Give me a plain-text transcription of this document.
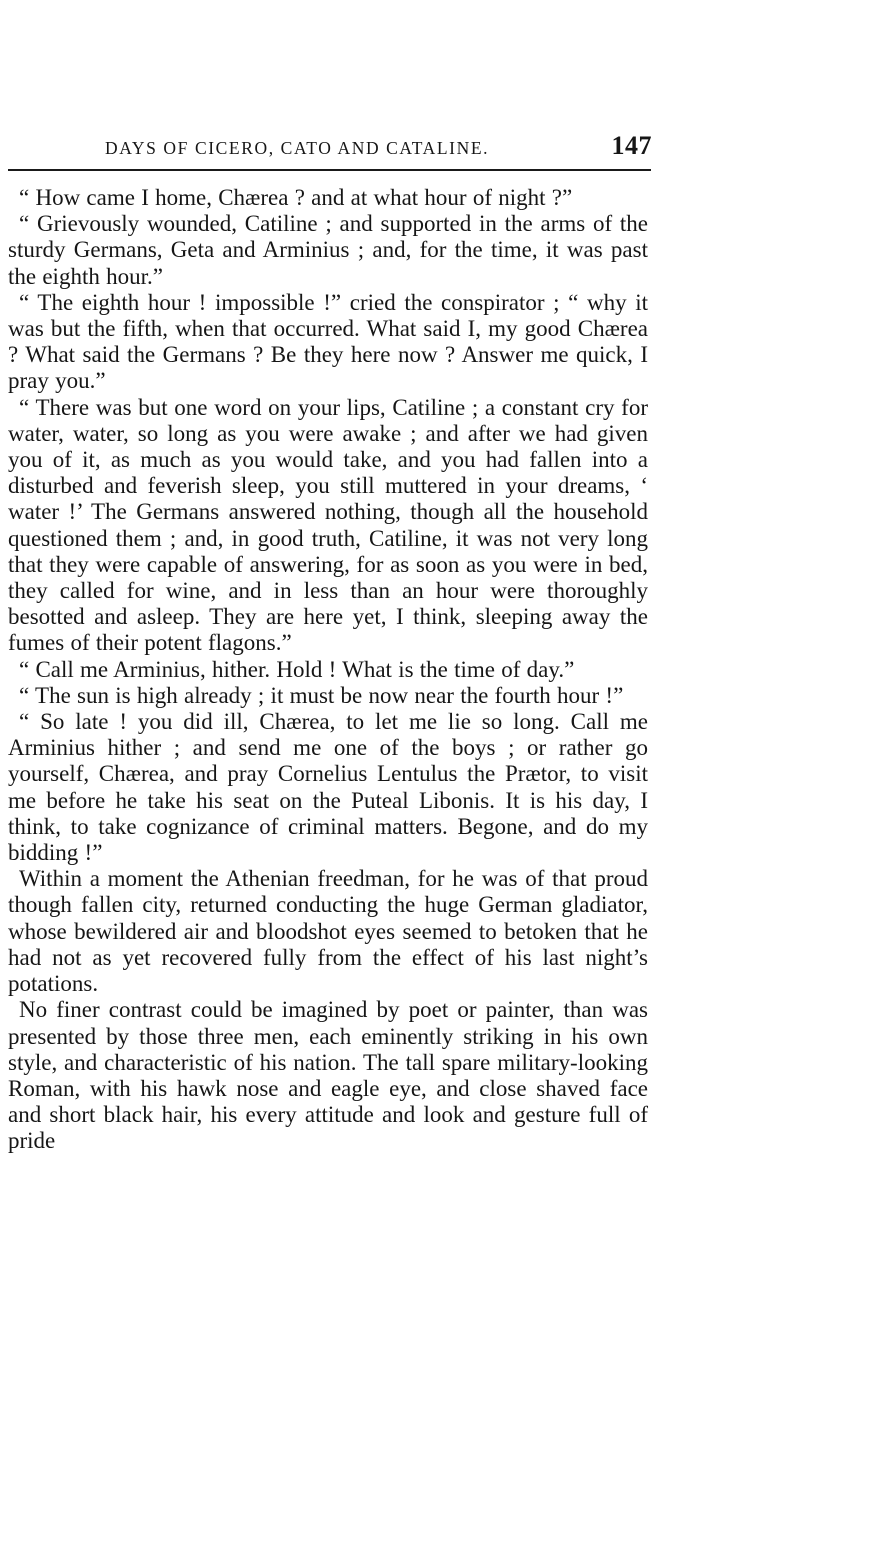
DAYS OF CICERO, CATO AND CATALINE.	147

“ How came I home, Chærea ? and at what hour of night ?”

“ Grievously wounded, Catiline ; and supported in the arms of the sturdy Germans, Geta and Arminius ; and, for the time, it was past the eighth hour.”

“ The eighth hour ! impossible !” cried the conspirator ; “ why it was but the fifth, when that occurred. What said I, my good Chærea ? What said the Germans ? Be they here now ? Answer me quick, I pray you.”

“ There was but one word on your lips, Catiline ; a constant cry for water, water, so long as you were awake ; and after we had given you of it, as much as you would take, and you had fallen into a disturbed and feverish sleep, you still muttered in your dreams, ‘ water !’ The Germans answered nothing, though all the household questioned them ; and, in good truth, Catiline, it was not very long that they were capable of answering, for as soon as you were in bed, they called for wine, and in less than an hour were thoroughly besotted and asleep. They are here yet, I think, sleeping away the fumes of their potent flagons.”

“ Call me Arminius, hither. Hold ! What is the time of day.”

“ The sun is high already ; it must be now near the fourth hour !”

“ So late ! you did ill, Chærea, to let me lie so long. Call me Arminius hither ; and send me one of the boys ; or rather go yourself, Chærea, and pray Cornelius Lentulus the Prætor, to visit me before he take his seat on the Puteal Libonis. It is his day, I think, to take cognizance of criminal matters. Begone, and do my bidding !”

Within a moment the Athenian freedman, for he was of that proud though fallen city, returned conducting the huge German gladiator, whose bewildered air and bloodshot eyes seemed to betoken that he had not as yet recovered fully from the effect of his last night’s potations.

No finer contrast could be imagined by poet or painter, than was presented by those three men, each eminently striking in his own style, and characteristic of his nation. The tall spare military-looking Roman, with his hawk nose and eagle eye, and close shaved face and short black hair, his every attitude and look and gesture full of pride
